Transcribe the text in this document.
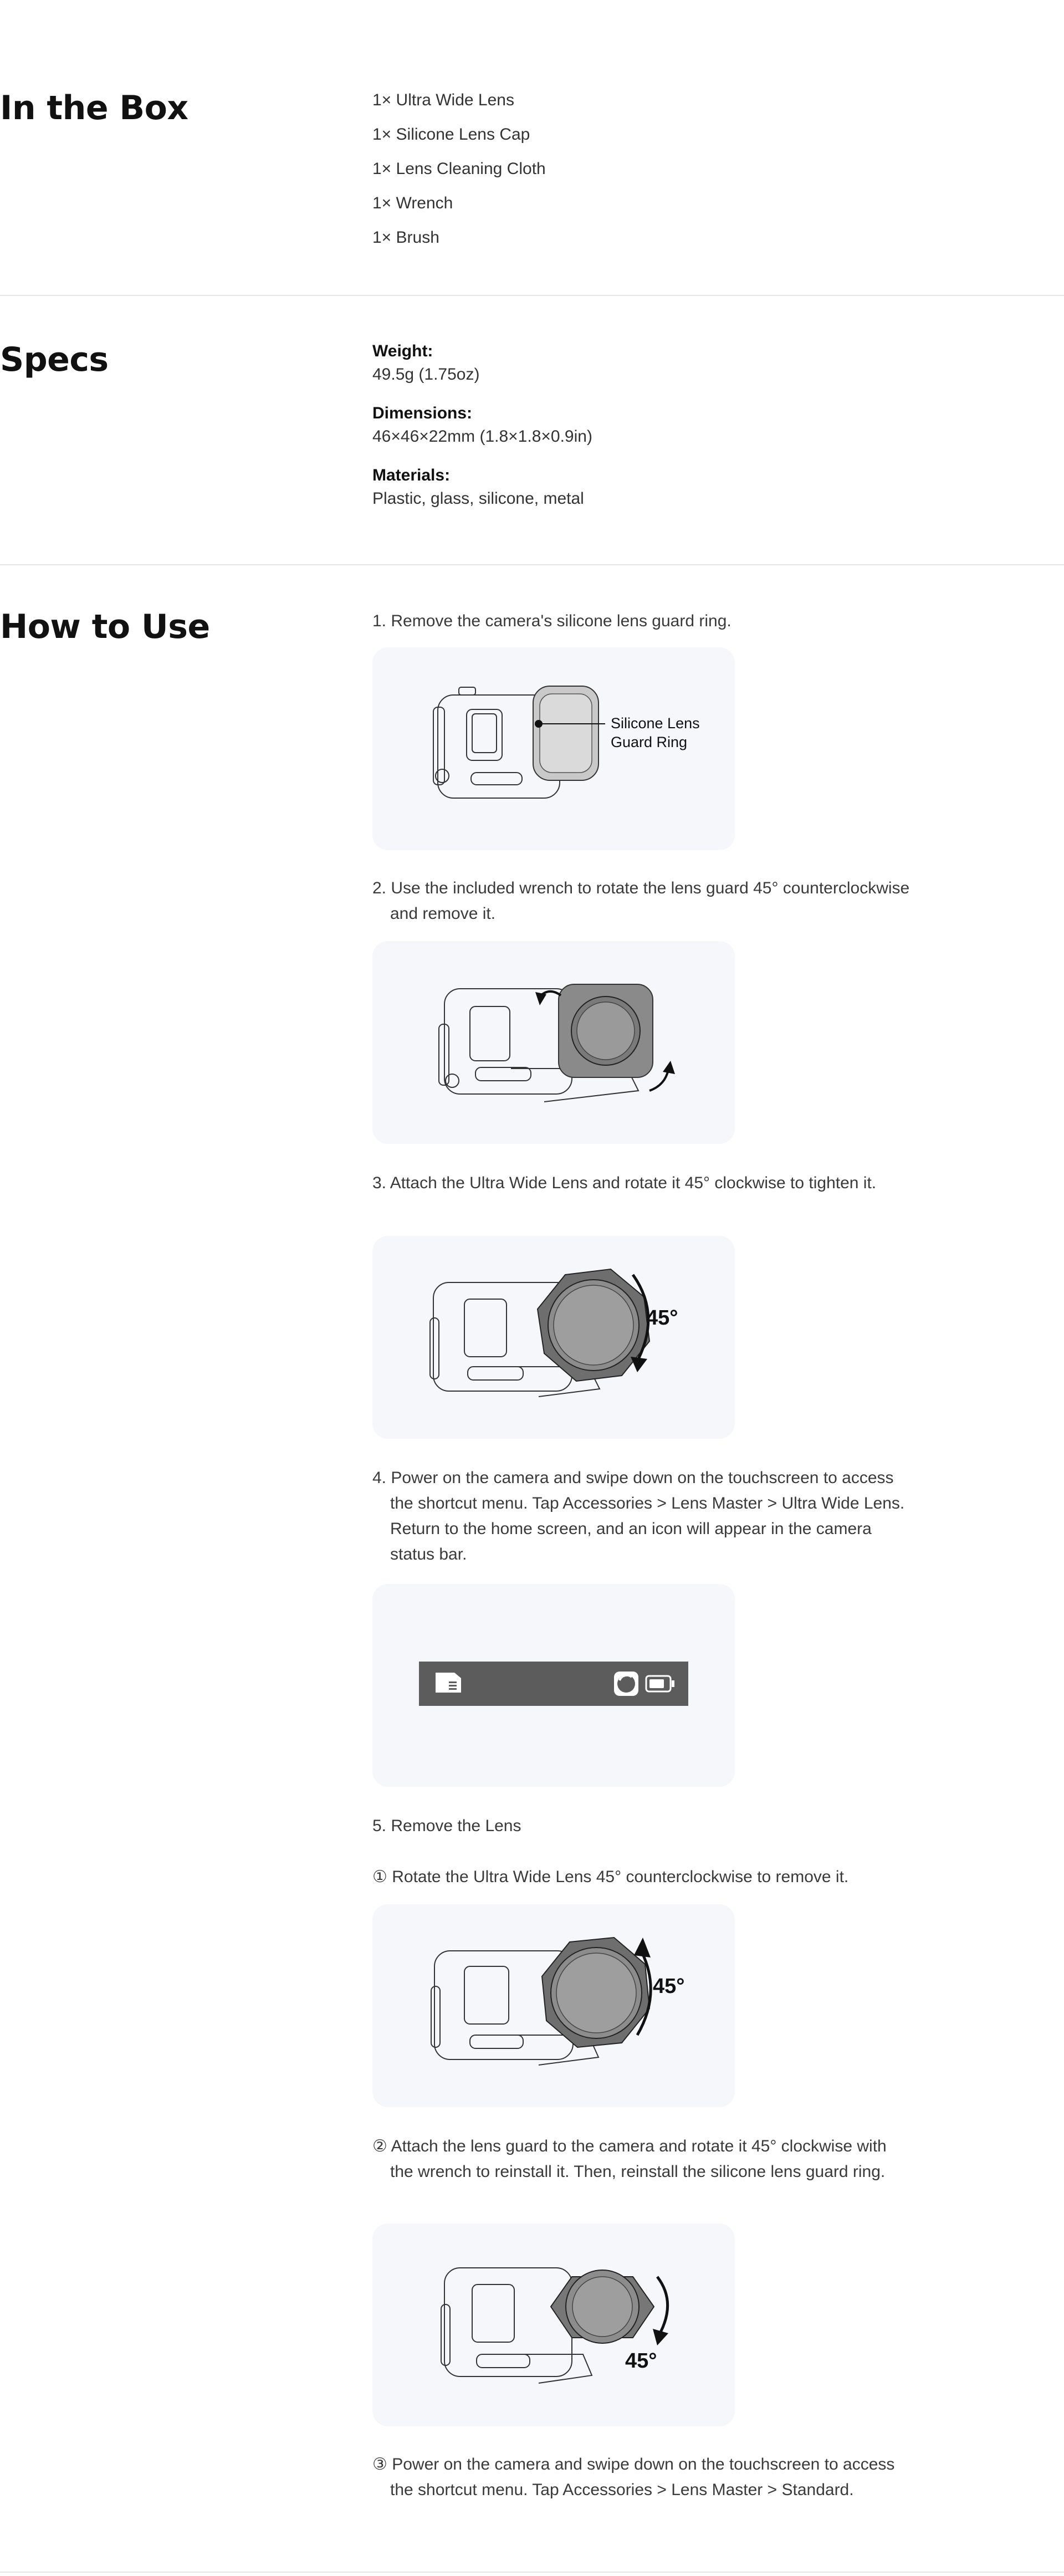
In the Box	1× Ultra Wide Lens
1× Silicone Lens Cap
1× Lens Cleaning Cloth
1× Wrench
1× Brush
Specs	Weight:
49.5g (1.75oz)
Dimensions:
46×46×22mm (1.8×1.8×0.9in)
Materials:
Plastic, glass, silicone, metal
How to Use	1. Remove the camera's silicone lens guard ring.
Silicone Lens
Guard Ring
2. Use the included wrench to rotate the lens guard 45° counterclockwise and remove it.
3. Attach the Ultra Wide Lens and rotate it 45° clockwise to tighten it.
45°
4. Power on the camera and swipe down on the touchscreen to access the shortcut menu. Tap Accessories > Lens Master > Ultra Wide Lens. Return to the home screen, and an icon will appear in the camera status bar.
5. Remove the Lens
① Rotate the Ultra Wide Lens 45° counterclockwise to remove it.
45°
② Attach the lens guard to the camera and rotate it 45° clockwise with the wrench to reinstall it. Then, reinstall the silicone lens guard ring.
45°
③ Power on the camera and swipe down on the touchscreen to access the shortcut menu. Tap Accessories > Lens Master > Standard.
